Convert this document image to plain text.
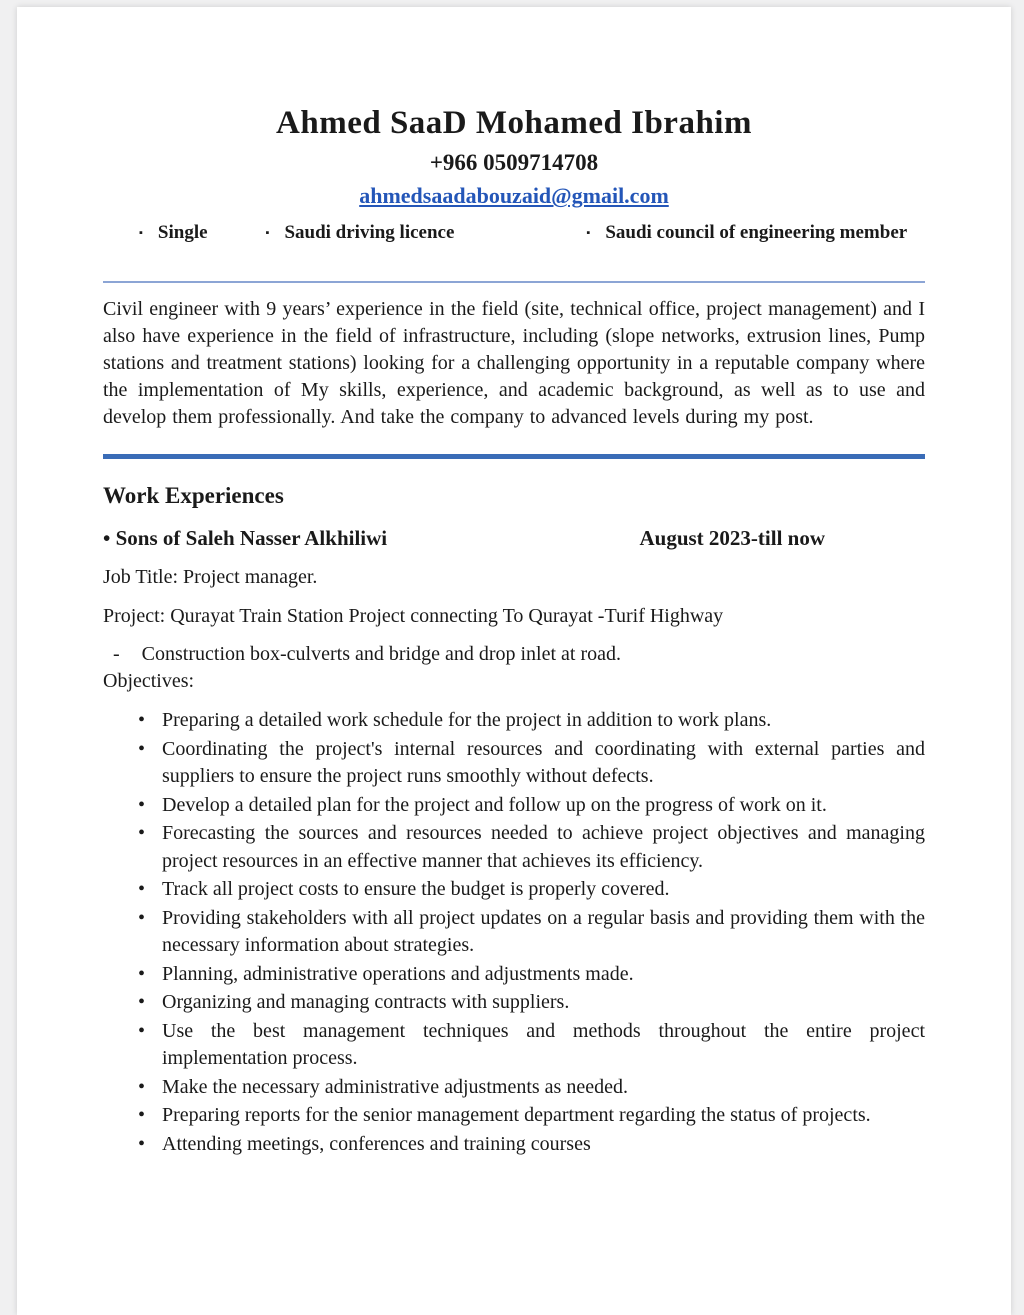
Ahmed SaaD Mohamed Ibrahim
+966 0509714708
ahmedsaadabouzaid@gmail.com
▪ Single	▪ Saudi driving licence	▪ Saudi council of engineering member

Civil engineer with 9 years’ experience in the field (site, technical office, project management) and I also have experience in the field of infrastructure, including (slope networks, extrusion lines, Pump stations and treatment stations) looking for a challenging opportunity in a reputable company where the implementation of My skills, experience, and academic background, as well as to use and develop them professionally. And take the company to advanced levels during my post.

Work Experiences
• Sons of Saleh Nasser Alkhiliwi	August 2023-till now
Job Title: Project manager.
Project: Qurayat Train Station Project connecting To Qurayat -Turif Highway
- Construction box-culverts and bridge and drop inlet at road.
Objectives:
• Preparing a detailed work schedule for the project in addition to work plans.
• Coordinating the project's internal resources and coordinating with external parties and suppliers to ensure the project runs smoothly without defects.
• Develop a detailed plan for the project and follow up on the progress of work on it.
• Forecasting the sources and resources needed to achieve project objectives and managing project resources in an effective manner that achieves its efficiency.
• Track all project costs to ensure the budget is properly covered.
• Providing stakeholders with all project updates on a regular basis and providing them with the necessary information about strategies.
• Planning, administrative operations and adjustments made.
• Organizing and managing contracts with suppliers.
• Use the best management techniques and methods throughout the entire project implementation process.
• Make the necessary administrative adjustments as needed.
• Preparing reports for the senior management department regarding the status of projects.
• Attending meetings, conferences and training courses
